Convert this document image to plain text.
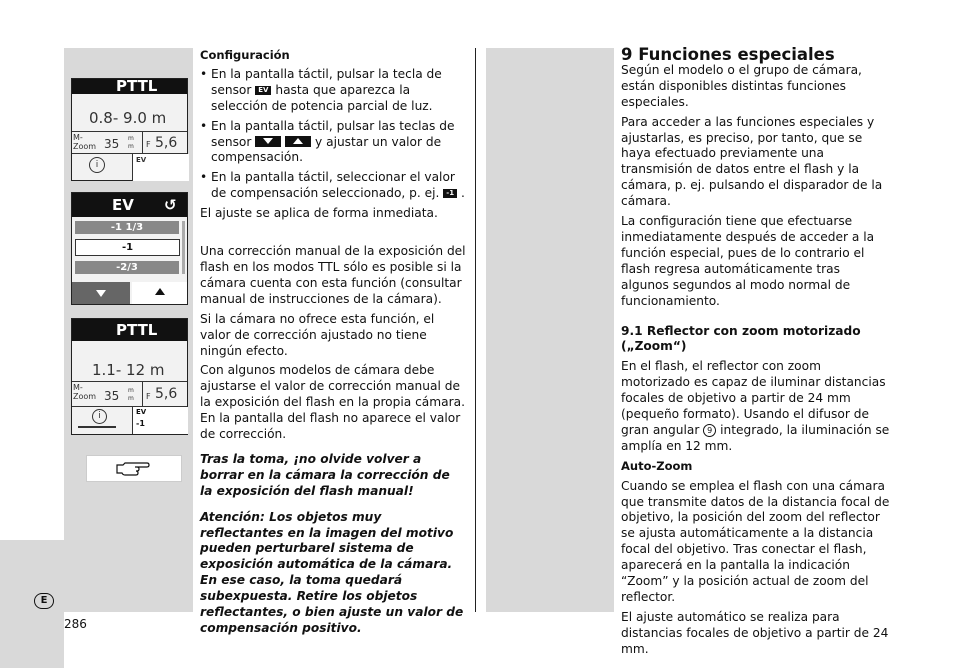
PTTL
0.8- 9.0 m
M-
Zoom 35 m
m F 5,6
i	EV
EV ↺
-1 1/3
-1
-2/3
PTTL
1.1- 12 m
M-
Zoom 35 m
m F 5,6
i	EV
-1
E
286

Configuración

• En la pantalla táctil, pulsar la tecla de sensor EV hasta que aparezca la selección de potencia parcial de luz.
• En la pantalla táctil, pulsar las teclas de sensor
	y ajustar un valor de compensación.
• En la pantalla táctil, seleccionar el valor de compensación seleccionado, p. ej. -1 .

El ajuste se aplica de forma inmediata.

Una corrección manual de la exposición del flash en los modos TTL sólo es posible si la cámara cuenta con esta función (consultar manual de instrucciones de la cámara).

Si la cámara no ofrece esta función, el valor de corrección ajustado no tiene ningún efecto.

Con algunos modelos de cámara debe ajustarse el valor de corrección manual de la exposición del flash en la propia cámara. En la pantalla del flash no aparece el valor de corrección.

Tras la toma, ¡no olvide volver a borrar en la cámara la corrección de la exposición del flash manual!

Atención: Los objetos muy reflectantes en la imagen del motivo pueden perturbarel sistema de exposición automática de la cámara. En ese caso, la toma quedará subexpuesta. Retire los objetos reflectantes, o bien ajuste un valor de compensación positivo.

9 Funciones especiales

Según el modelo o el grupo de cámara, están disponibles distintas funciones especiales.

Para acceder a las funciones especiales y ajustarlas, es preciso, por tanto, que se haya efectuado previamente una transmisión de datos entre el flash y la cámara, p. ej. pulsando el disparador de la cámara.

La configuración tiene que efectuarse inmediatamente después de acceder a la función especial, pues de lo contrario el flash regresa automáticamente tras algunos segundos al modo normal de funcionamiento.

9.1 Reflector con zoom motorizado („Zoom“)

En el flash, el reflector con zoom motorizado es capaz de iluminar distancias focales de objetivo a partir de 24 mm (pequeño formato). Usando el difusor de gran angular 9 integrado, la iluminación se amplía en 12 mm.

Auto-Zoom

Cuando se emplea el flash con una cámara que transmite datos de la distancia focal de objetivo, la posición del zoom del reflector se ajusta automáticamente a la distancia focal del objetivo. Tras conectar el flash, aparecerá en la pantalla la indicación “Zoom” y la posición actual de zoom del reflector.

El ajuste automático se realiza para distancias focales de objetivo a partir de 24 mm.
